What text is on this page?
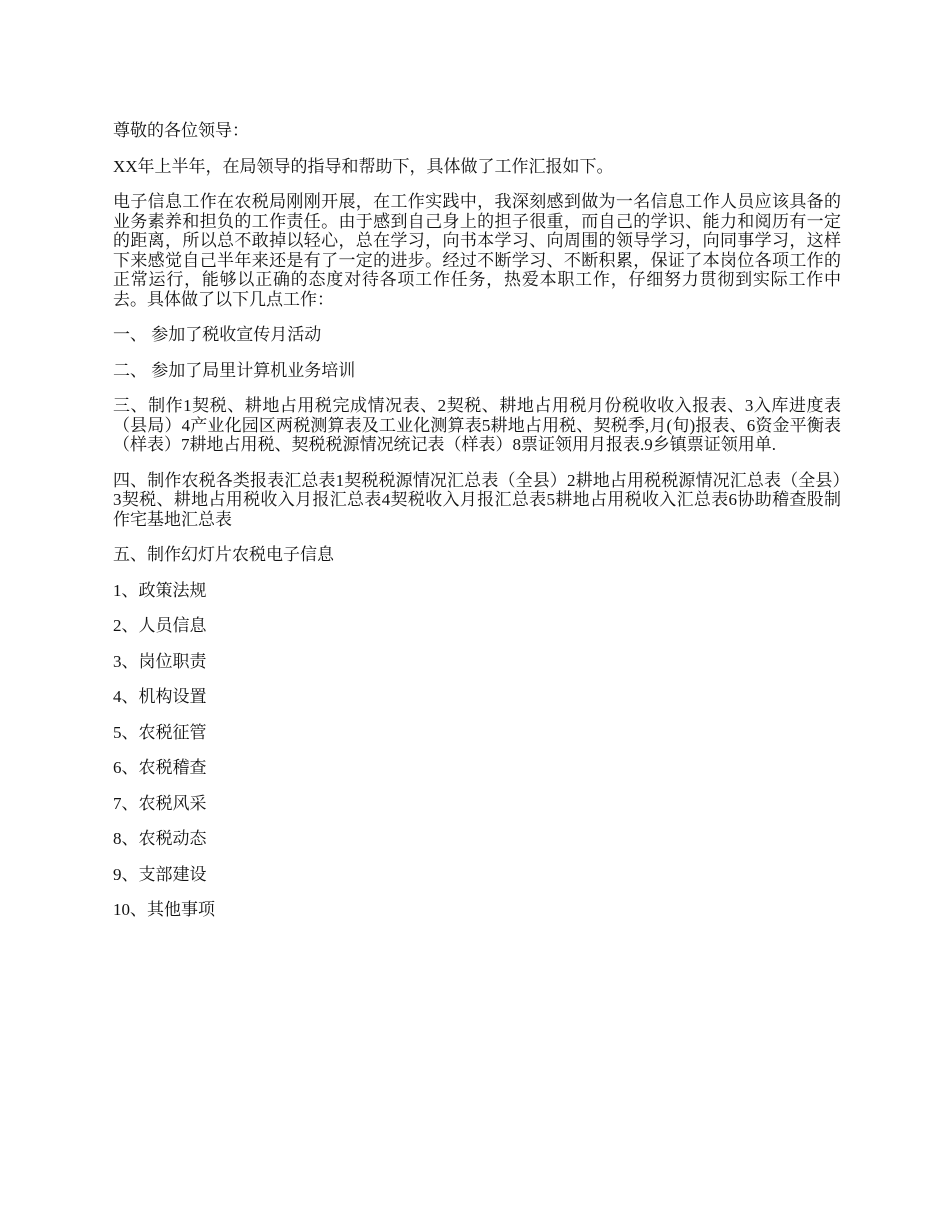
尊敬的各位领导：

XX年上半年，在局领导的指导和帮助下，具体做了工作汇报如下。

电子信息工作在农税局刚刚开展，在工作实践中，我深刻感到做为一名信息工作人员应该具备的业务素养和担负的工作责任。由于感到自己身上的担子很重，而自己的学识、能力和阅历有一定的距离，所以总不敢掉以轻心，总在学习，向书本学习、向周围的领导学习，向同事学习，这样下来感觉自己半年来还是有了一定的进步。经过不断学习、不断积累，保证了本岗位各项工作的正常运行，能够以正确的态度对待各项工作任务，热爱本职工作，仔细努力贯彻到实际工作中去。具体做了以下几点工作：

一、 参加了税收宣传月活动

二、 参加了局里计算机业务培训

三、制作1契税、耕地占用税完成情况表、2契税、耕地占用税月份税收收入报表、3入库进度表（县局）4产业化园区两税测算表及工业化测算表5耕地占用税、契税季,月(旬)报表、6资金平衡表（样表）7耕地占用税、契税税源情况统记表（样表）8票证领用月报表.9乡镇票证领用单.

四、制作农税各类报表汇总表1契税税源情况汇总表（全县）2耕地占用税税源情况汇总表（全县）3契税、耕地占用税收入月报汇总表4契税收入月报汇总表5耕地占用税收入汇总表6协助稽查股制作宅基地汇总表

五、制作幻灯片农税电子信息

1、政策法规
2、人员信息
3、岗位职责
4、机构设置
5、农税征管
6、农税稽查
7、农税风采
8、农税动态
9、支部建设
10、其他事项
